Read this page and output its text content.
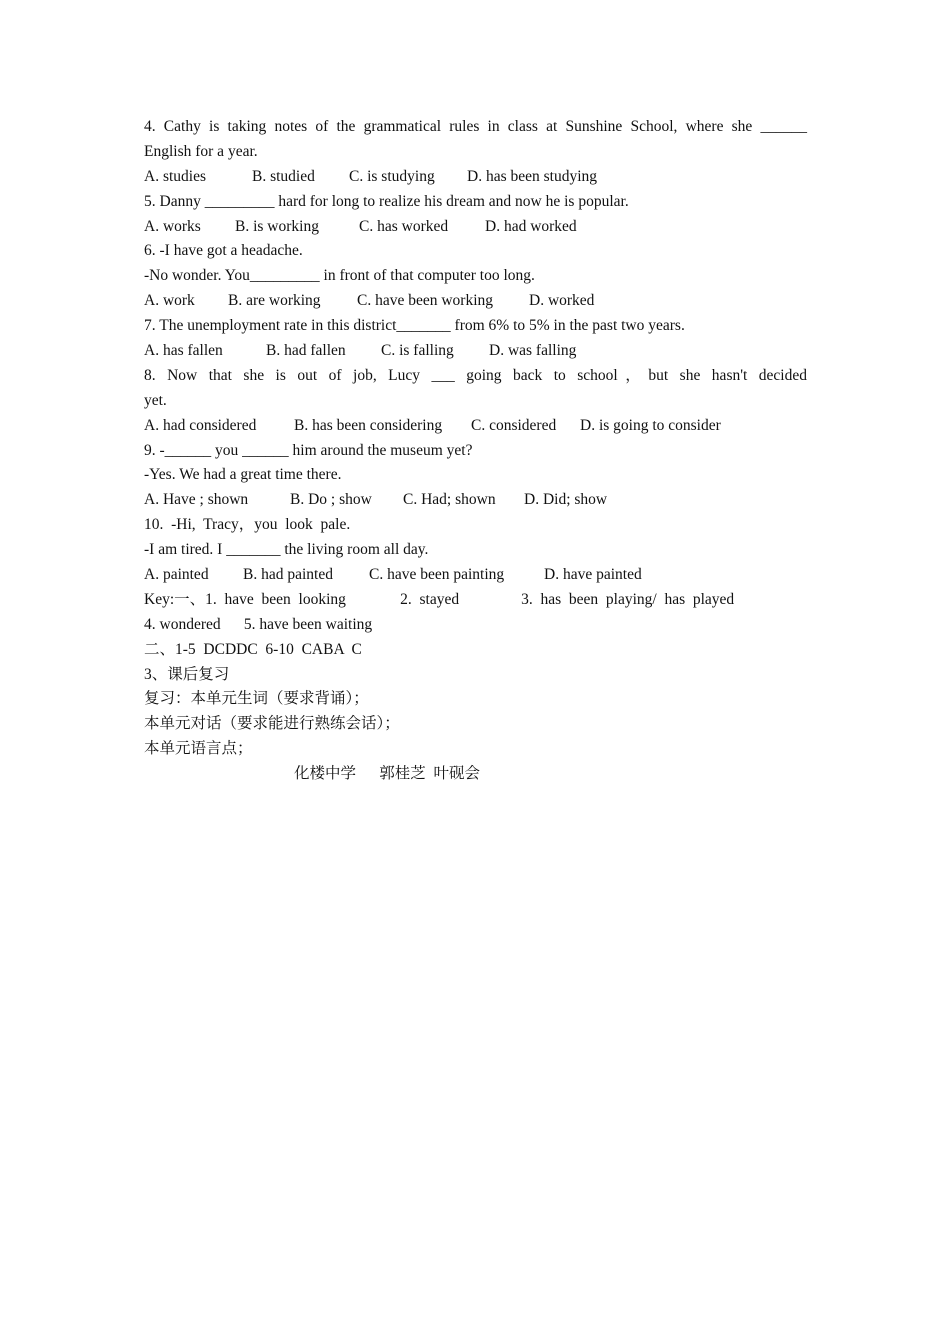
4. Cathy is taking notes of the grammatical rules in class at Sunshine School, where she ______
English for a year.
A. studies	B. studied	C. is studying	D. has been studying
5. Danny _________ hard for long to realize his dream and now he is popular.
A. works	B. is working	C. has worked	D. had worked
6. -I have got a headache.
-No wonder. You_________ in front of that computer too long.
A. work	B. are working	C. have been working	D. worked
7. The unemployment rate in this district_______ from 6% to 5% in the past two years.
A. has fallen	B. had fallen	C. is falling	D. was falling
8. Now that she is out of job, Lucy ___ going back to school，but she hasn't decided
yet.
A. had considered	B. has been considering	C. considered	D. is going to consider
9. -______ you ______ him around the museum yet?
-Yes. We had a great time there.
A. Have ; shown	B. Do ; show	C. Had; shown	D. Did; show
10.  -Hi,  Tracy，you  look  pale.
-I am tired. I _______ the living room all day.
A. painted	B. had painted	C. have been painting	D. have painted
Key:一、1.  have  been  looking              2.  stayed                3.  has  been  playing/  has  played
4. wondered      5. have been waiting
二、1-5  DCDDC  6-10  CABA  C
3、课后复习
复习：本单元生词（要求背诵）；
本单元对话（要求能进行熟练会话）；
本单元语言点；
化楼中学      郭桂芝  叶砚会
